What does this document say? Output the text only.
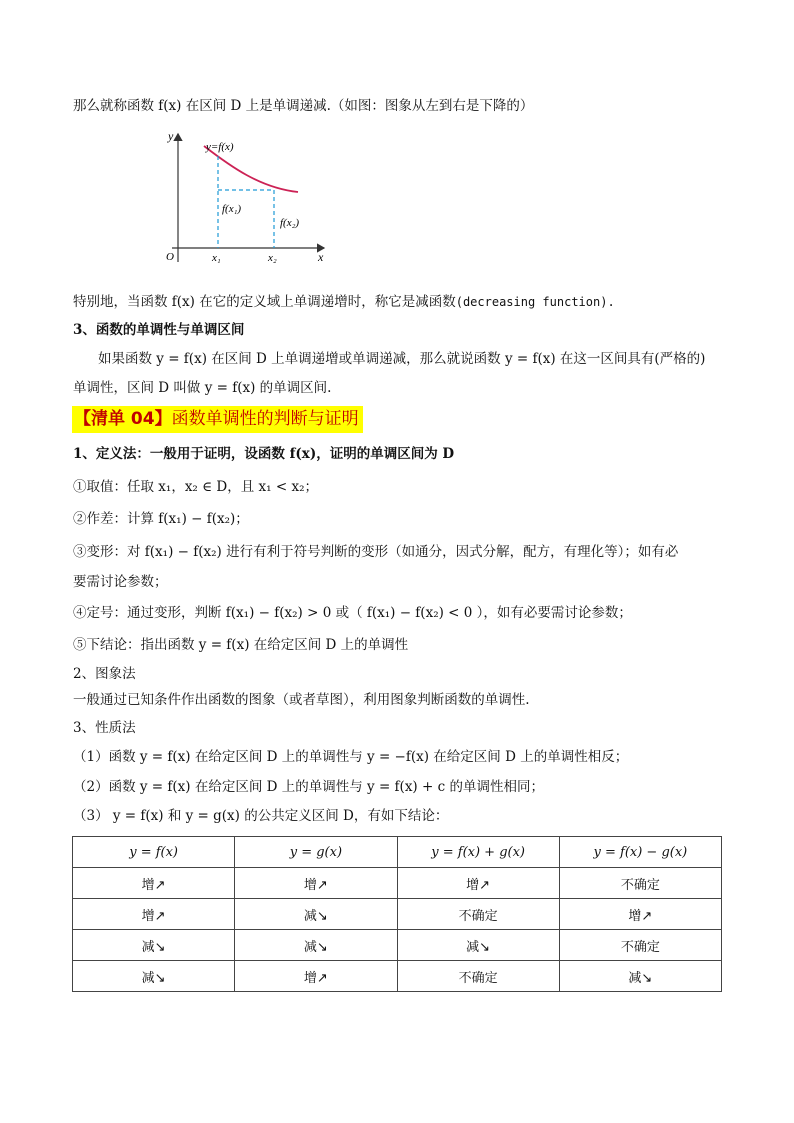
那么就称函数 f(x) 在区间 D 上是单调递减.（如图：图象从左到右是下降的）
y=f(x)
f(x₁)
f(x₂)
O	x₁	x₂	x
y
特别地，当函数 f(x) 在它的定义域上单调递增时，称它是减函数(decreasing function).
3、函数的单调性与单调区间
如果函数 y = f(x) 在区间 D 上单调递增或单调递减，那么就说函数 y = f(x) 在这一区间具有(严格的)
单调性，区间 D 叫做 y = f(x) 的单调区间.
【清单 04】函数单调性的判断与证明
1、定义法：一般用于证明，设函数 f(x)，证明的单调区间为 D
①取值：任取 x₁，x₂ ∈ D，且 x₁ < x₂；
②作差：计算 f(x₁) − f(x₂)；
③变形：对 f(x₁) − f(x₂) 进行有利于符号判断的变形（如通分，因式分解，配方，有理化等）；如有必
要需讨论参数；
④定号：通过变形，判断 f(x₁) − f(x₂) > 0 或（ f(x₁) − f(x₂) < 0 ），如有必要需讨论参数；
⑤下结论：指出函数 y = f(x) 在给定区间 D 上的单调性
2、图象法
一般通过已知条件作出函数的图象（或者草图），利用图象判断函数的单调性.
3、性质法
（1）函数 y = f(x) 在给定区间 D 上的单调性与 y = −f(x) 在给定区间 D 上的单调性相反；
（2）函数 y = f(x) 在给定区间 D 上的单调性与 y = f(x) + c 的单调性相同；
（3） y = f(x) 和 y = g(x) 的公共定义区间 D，有如下结论：
y = f(x)	y = g(x)	y = f(x) + g(x)	y = f(x) − g(x)
增↗	增↗	增↗	不确定
增↗	减↘	不确定	增↗
减↘	减↘	减↘	不确定
减↘	增↗	不确定	减↘
